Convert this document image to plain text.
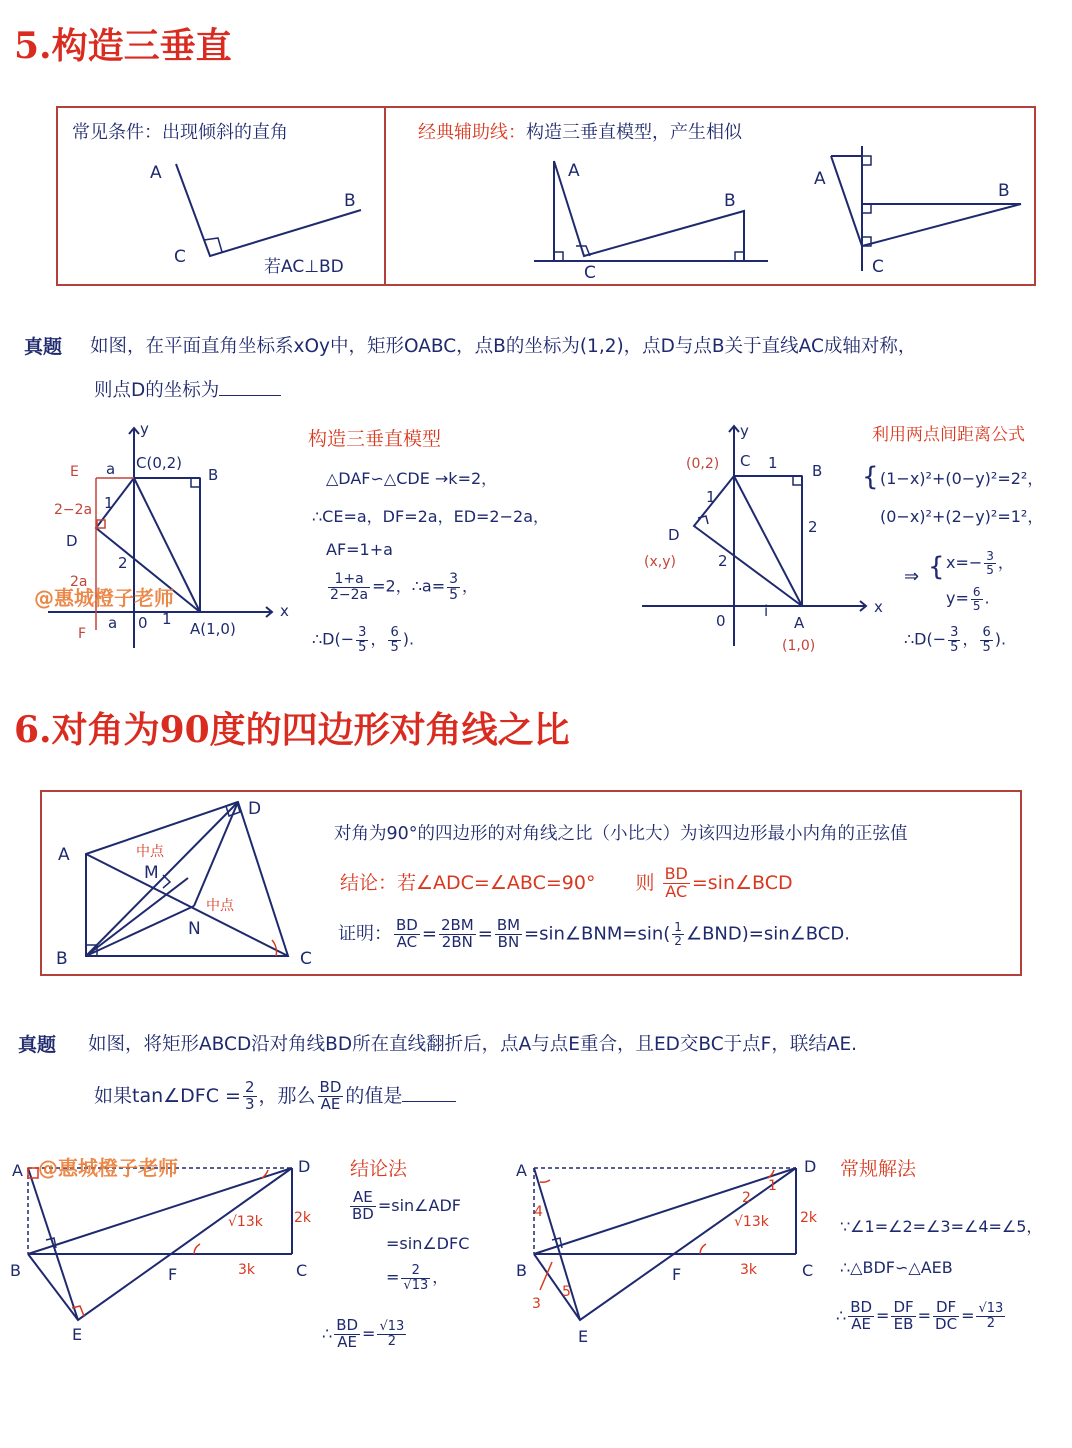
5.构造三垂直
常见条件：出现倾斜的直角	经典辅助线：构造三垂直模型，产生相似
A
B
C	若AC⊥BD
A
B
C
A
B
C
真题 如图，在平面直角坐标系xOy中，矩形OABC，点B的坐标为(1,2)，点D与点B关于直线AC成轴对称，
则点D的坐标为
y
x
a C(0,2)
B
1
D
2
a 0 1
A(1,0)
E
2−2a
2a
F
@惠城橙子老师
构造三垂直模型
△DAF∽△CDE →k=2，
∴CE=a，DF=2a，ED=2−2a，
AF=1+a
$\frac{1+a}{2-2a} =2$，∴a= $\frac{3}{5}$ ，
∴D(− $\frac{3}{5}$ ， $\frac{6}{5}$ ).
y
x
C 1 B
1
2
D
2
0
i
A
(0,2)
(x,y)
(1,0)
利用两点间距离公式
{ (1−x)²+(0−y)²=2²，
(0−x)²+(2−y)²=1²，
⇒ { $x=- \frac{3}{5}$ ，
$y= \frac{6}{5}$ .
∴D(− $\frac{3}{5}$ ， $\frac{6}{5}$ ).
6.对角为90度的四边形对角线之比
A
B	C
D
M
N
中点
中点
对角为90°的四边形的对角线之比（小比大）为该四边形最小内角的正弦值
结论：若∠ADC=∠ABC=90° 则 $\frac{BD}{AC}$ =sin∠BCD
证明： $\frac{BD}{AC} = \frac{2BM}{2BN} = \frac{BM}{BN}$ =sin∠BNM=sin( $\frac{1}{2}$ ∠BND)=sin∠BCD.
真题 如图，将矩形ABCD沿对角线BD所在直线翻折后，点A与点E重合，且ED交BC于点F，联结AE.
如果tan∠DFC = $\frac{2}{3}$ ，那么 $\frac{BD}{AE}$ 的值是
A	D
B	C
E
F
√13k 2k
3k
@惠城橙子老师	结论法
$\frac{AE}{BD}$ =sin∠ADF
=sin∠DFC
= $\frac{2}{√13}$ ，
∴ $\frac{BD}{AE} = \frac{√13}{2}$
A	D
B	C
E
F
√13k 2k
3k
2
1
4
3
5
常规解法
∵∠1=∠2=∠3=∠4=∠5，
∴△BDF∽△AEB
∴ $\frac{BD}{AE} = \frac{DF}{EB} = \frac{DF}{DC} = \frac{√13}{2}$
